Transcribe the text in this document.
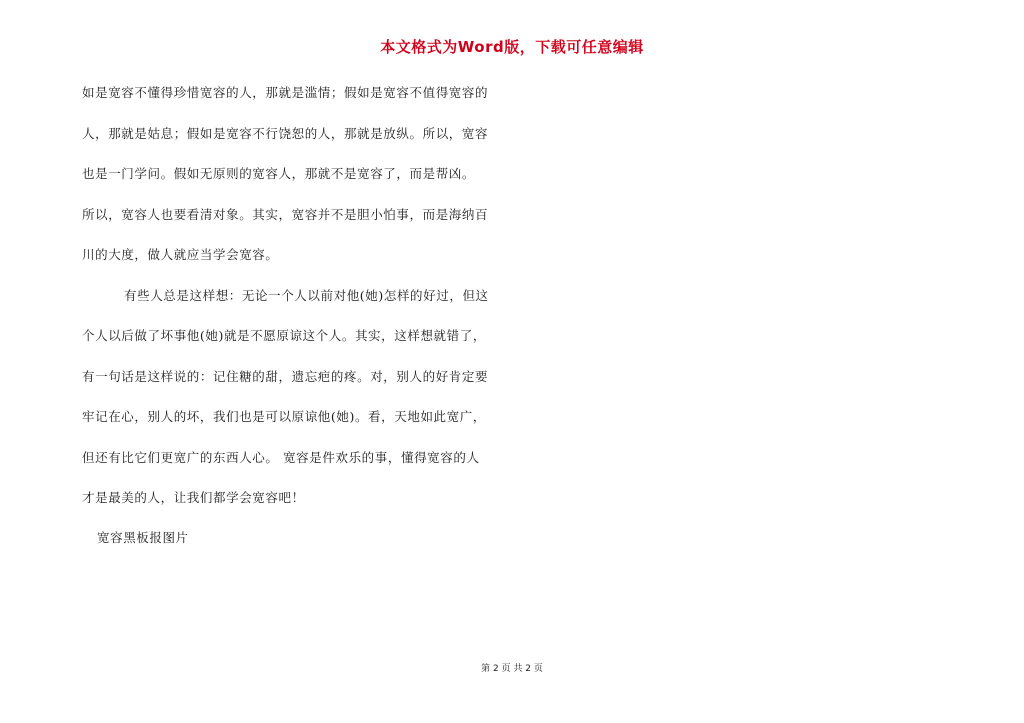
本文格式为Word版，下载可任意编辑
如是宽容不懂得珍惜宽容的人，那就是滥情；假如是宽容不值得宽容的
人，那就是姑息；假如是宽容不行饶恕的人，那就是放纵。所以，宽容
也是一门学问。假如无原则的宽容人，那就不是宽容了，而是帮凶。
所以，宽容人也要看清对象。其实，宽容并不是胆小怕事，而是海纳百
川的大度，做人就应当学会宽容。
有些人总是这样想：无论一个人以前对他(她)怎样的好过，但这
个人以后做了坏事他(她)就是不愿原谅这个人。其实，这样想就错了，
有一句话是这样说的：记住糖的甜，遗忘疤的疼。对，别人的好肯定要
牢记在心，别人的坏，我们也是可以原谅他(她)。看，天地如此宽广，
但还有比它们更宽广的东西人心。 宽容是件欢乐的事，懂得宽容的人
才是最美的人，让我们都学会宽容吧！
宽容黑板报图片
第 2 页 共 2 页
